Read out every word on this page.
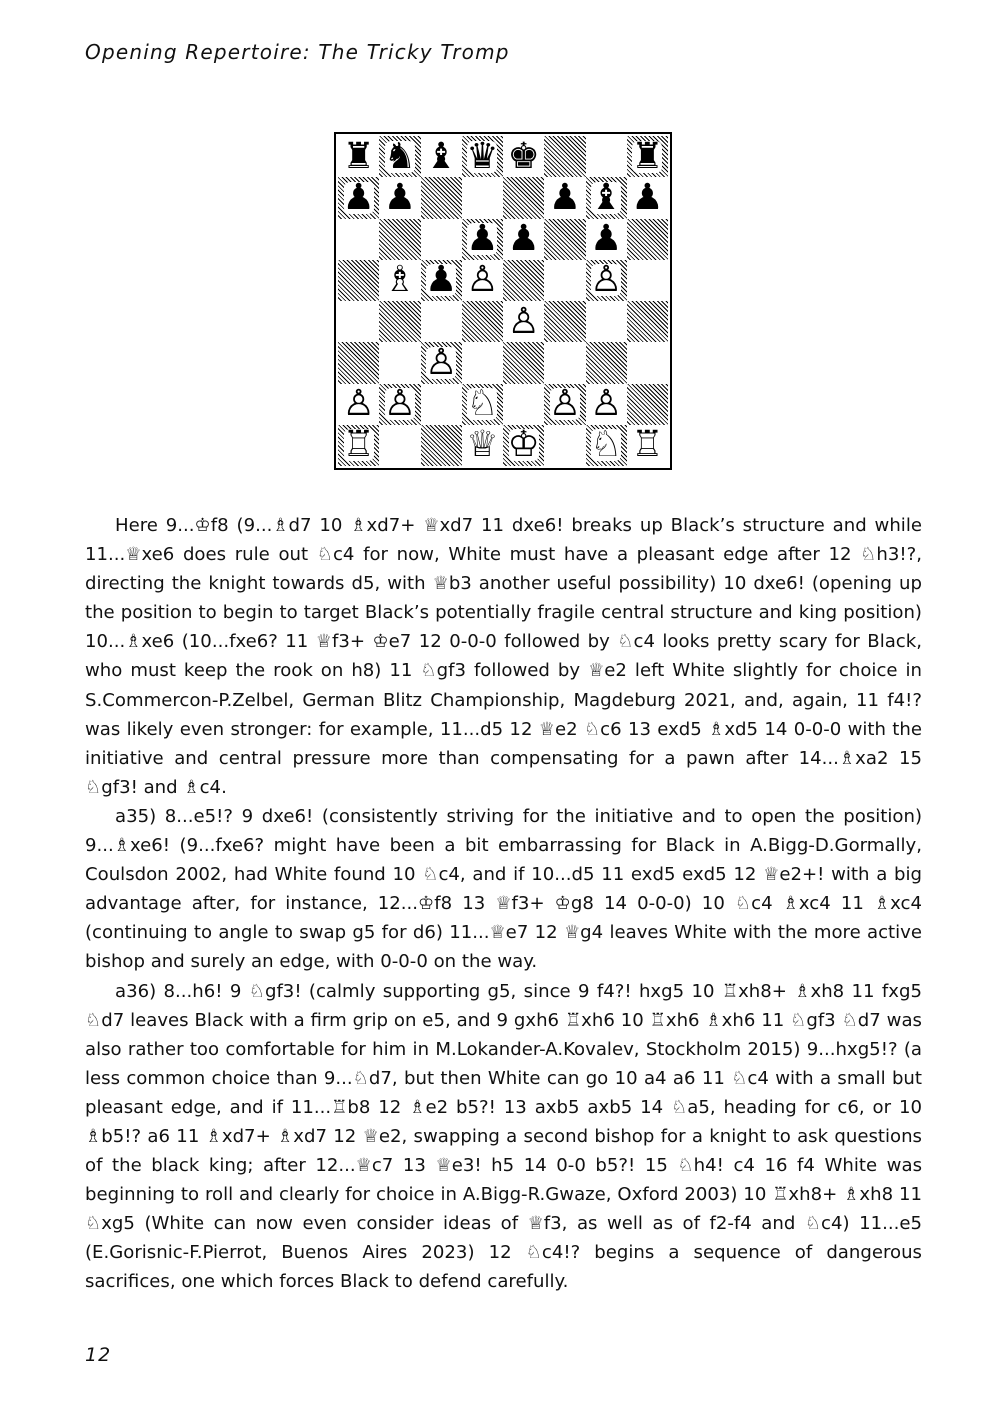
Opening Repertoire: The Tricky Tromp
♜ ♞ ♝ ♛ ♚	♜
♟ ♟	♟ ♝ ♟
♟ ♟ ♟
♗ ♟ ♙	♙
♙
♙
♙ ♙ ♘ ♙ ♙
♖	♕ ♔ ♘ ♖

Here 9...♔f8 (9...♗d7 10 ♗xd7+ ♕xd7 11 dxe6! breaks up Black’s structure and while 11...♕xe6 does rule out ♘c4 for now, White must have a pleasant edge after 12 ♘h3!?, directing the knight towards d5, with ♕b3 another useful possibility) 10 dxe6! (opening up the position to begin to target Black’s potentially fragile central structure and king position) 10...♗xe6 (10...fxe6? 11 ♕f3+ ♔e7 12 0-0-0 followed by ♘c4 looks pretty scary for Black, who must keep the rook on h8) 11 ♘gf3 followed by ♕e2 left White slightly for choice in S.Commercon-P.Zelbel, German Blitz Championship, Magdeburg 2021, and, again, 11 f4!? was likely even stronger: for example, 11...d5 12 ♕e2 ♘c6 13 exd5 ♗xd5 14 0-0-0 with the initiative and central pressure more than compensating for a pawn after 14...♗xa2 15 ♘gf3! and ♗c4.

a35) 8...e5!? 9 dxe6! (consistently striving for the initiative and to open the position) 9...♗xe6! (9...fxe6? might have been a bit embarrassing for Black in A.Bigg-D.Gormally, Coulsdon 2002, had White found 10 ♘c4, and if 10...d5 11 exd5 exd5 12 ♕e2+! with a big advantage after, for instance, 12...♔f8 13 ♕f3+ ♔g8 14 0-0-0) 10 ♘c4 ♗xc4 11 ♗xc4 (continuing to angle to swap g5 for d6) 11...♕e7 12 ♕g4 leaves White with the more active bishop and surely an edge, with 0-0-0 on the way.

a36) 8...h6! 9 ♘gf3! (calmly supporting g5, since 9 f4?! hxg5 10 ♖xh8+ ♗xh8 11 fxg5 ♘d7 leaves Black with a firm grip on e5, and 9 gxh6 ♖xh6 10 ♖xh6 ♗xh6 11 ♘gf3 ♘d7 was also rather too comfortable for him in M.Lokander-A.Kovalev, Stockholm 2015) 9...hxg5!? (a less common choice than 9...♘d7, but then White can go 10 a4 a6 11 ♘c4 with a small but pleasant edge, and if 11...♖b8 12 ♗e2 b5?! 13 axb5 axb5 14 ♘a5, heading for c6, or 10 ♗b5!? a6 11 ♗xd7+ ♗xd7 12 ♕e2, swapping a second bishop for a knight to ask questions of the black king; after 12...♕c7 13 ♕e3! h5 14 0-0 b5?! 15 ♘h4! c4 16 f4 White was beginning to roll and clearly for choice in A.Bigg-R.Gwaze, Oxford 2003) 10 ♖xh8+ ♗xh8 11 ♘xg5 (White can now even consider ideas of ♕f3, as well as of f2-f4 and ♘c4) 11...e5 (E.Gorisnic-F.Pierrot, Buenos Aires 2023) 12 ♘c4!? begins a sequence of dangerous sacrifices, one which forces Black to defend carefully.

12
